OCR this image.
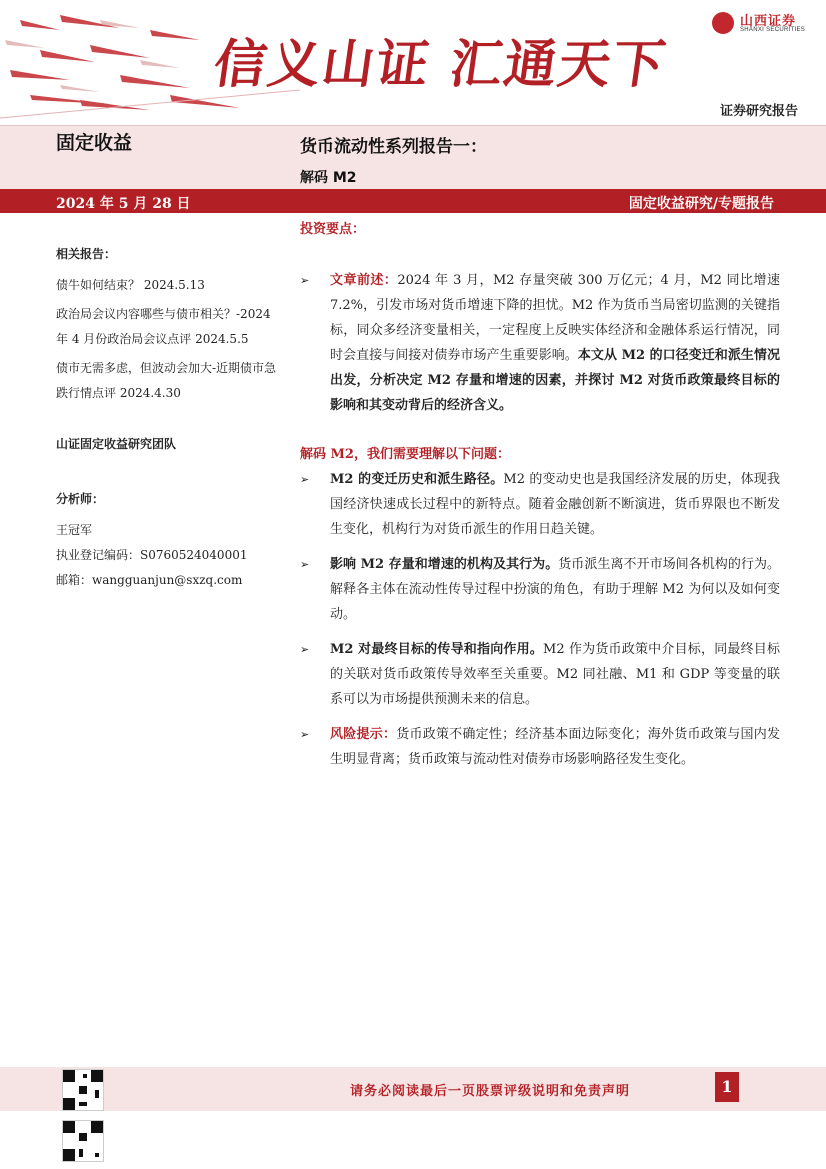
信义山证 汇通天下
山西证券
SHANXI SECURITIES
证券研究报告
固定收益	货币流动性系列报告一：
解码 M2
2024 年 5 月 28 日	固定收益研究/专题报告
相关报告：
债牛如何结束？ 2024.5.13
政治局会议内容哪些与债市相关？-2024 年 4 月份政治局会议点评 2024.5.5
债市无需多虑，但波动会加大-近期债市急跌行情点评 2024.4.30
山证固定收益研究团队
分析师：
王冠军
执业登记编码：S0760524040001
邮箱：wangguanjun@sxzq.com
投资要点：
➢ 文章前述：2024 年 3 月，M2 存量突破 300 万亿元；4 月，M2 同比增速 7.2%，引发市场对货币增速下降的担忧。M2 作为货币当局密切监测的关键指标，同众多经济变量相关，一定程度上反映实体经济和金融体系运行情况，同时会直接与间接对债券市场产生重要影响。本文从 M2 的口径变迁和派生情况出发，分析决定 M2 存量和增速的因素，并探讨 M2 对货币政策最终目标的影响和其变动背后的经济含义。
解码 M2，我们需要理解以下问题：
➢ M2 的变迁历史和派生路径。M2 的变动史也是我国经济发展的历史，体现我国经济快速成长过程中的新特点。随着金融创新不断演进，货币界限也不断发生变化，机构行为对货币派生的作用日趋关键。
➢ 影响 M2 存量和增速的机构及其行为。货币派生离不开市场间各机构的行为。解释各主体在流动性传导过程中扮演的角色，有助于理解 M2 为何以及如何变动。
➢ M2 对最终目标的传导和指向作用。M2 作为货币政策中介目标，同最终目标的关联对货币政策传导效率至关重要。M2 同社融、M1 和 GDP 等变量的联系可以为市场提供预测未来的信息。
➢ 风险提示：货币政策不确定性；经济基本面边际变化；海外货币政策与国内发生明显背离；货币政策与流动性对债券市场影响路径发生变化。
请务必阅读最后一页股票评级说明和免责声明	1
